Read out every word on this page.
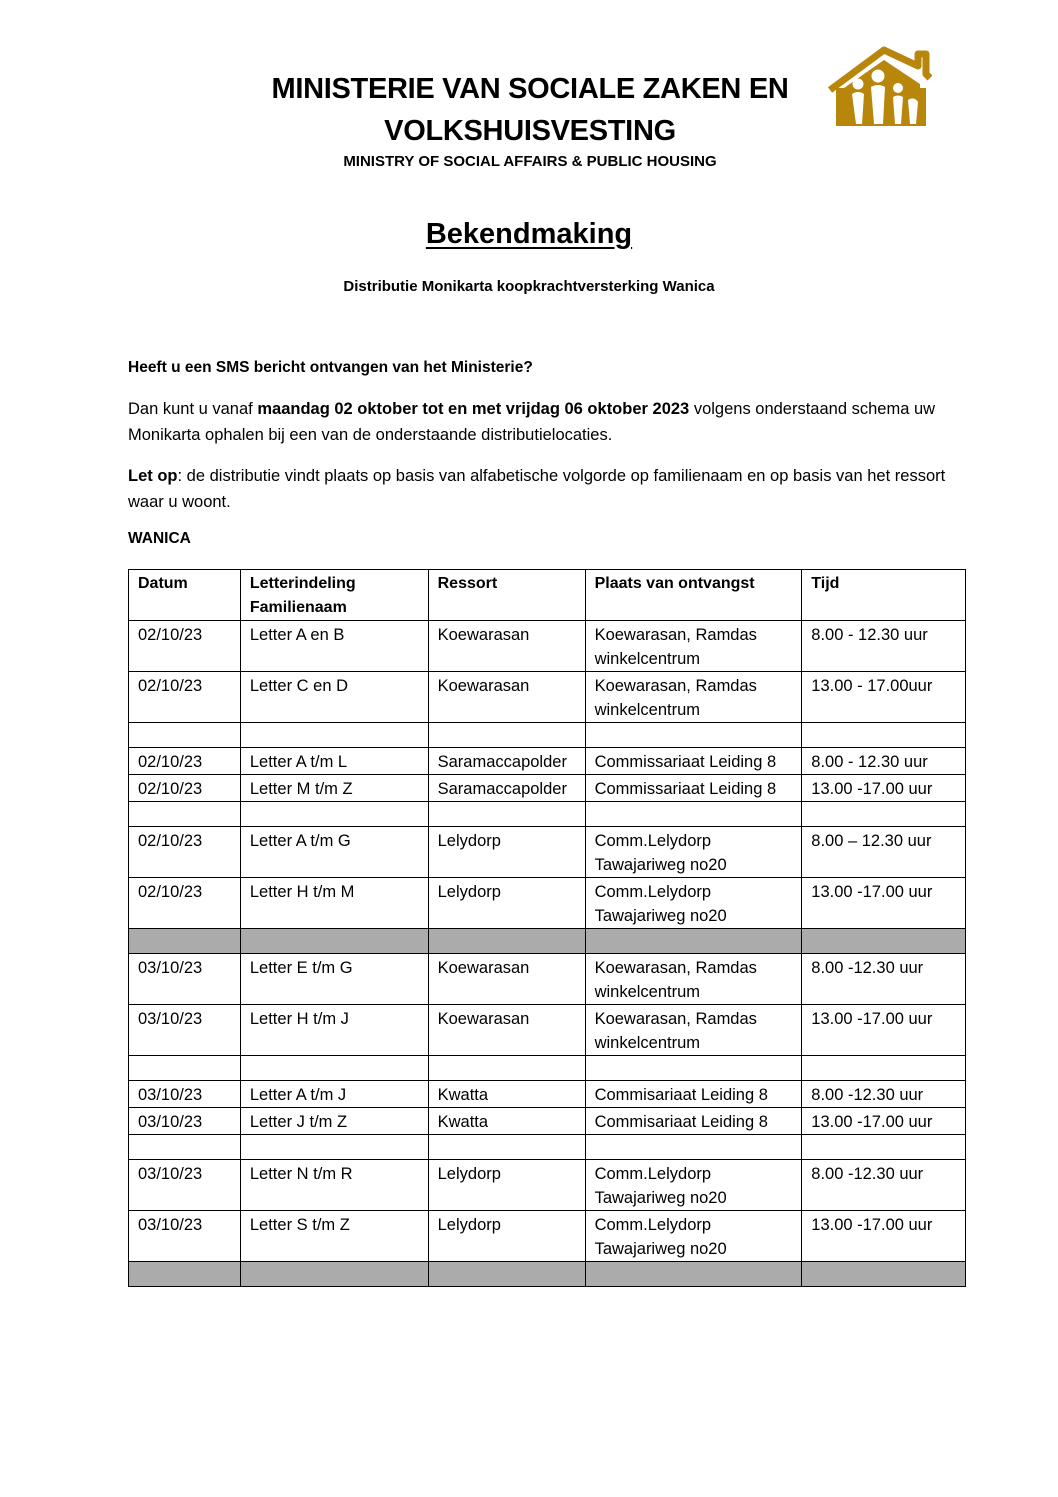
MINISTERIE VAN SOCIALE ZAKEN EN VOLKSHUISVESTING
MINISTRY OF SOCIAL AFFAIRS & PUBLIC HOUSING
Bekendmaking
Distributie Monikarta koopkrachtversterking Wanica
Heeft u een SMS bericht ontvangen van het Ministerie?
Dan kunt u vanaf maandag 02 oktober tot en met vrijdag 06 oktober 2023 volgens onderstaand schema uw Monikarta ophalen bij een van de onderstaande distributielocaties.
Let op: de distributie vindt plaats op basis van alfabetische volgorde op familienaam en op basis van het ressort waar u woont.
WANICA
Datum	Letterindeling Familienaam	Ressort	Plaats van ontvangst	Tijd
02/10/23	Letter A en B	Koewarasan	Koewarasan, Ramdas winkelcentrum	8.00 - 12.30 uur
02/10/23	Letter C en D	Koewarasan	Koewarasan, Ramdas winkelcentrum	13.00 - 17.00uur

02/10/23	Letter A t/m L	Saramaccapolder	Commissariaat Leiding 8	8.00 - 12.30 uur
02/10/23	Letter M t/m Z	Saramaccapolder	Commissariaat Leiding 8	13.00 -17.00 uur

02/10/23	Letter A t/m G	Lelydorp	Comm.Lelydorp Tawajariweg no20	8.00 – 12.30 uur
02/10/23	Letter H t/m M	Lelydorp	Comm.Lelydorp Tawajariweg no20	13.00 -17.00 uur

03/10/23	Letter E t/m G	Koewarasan	Koewarasan, Ramdas winkelcentrum	8.00 -12.30 uur
03/10/23	Letter H t/m J	Koewarasan	Koewarasan, Ramdas winkelcentrum	13.00 -17.00 uur

03/10/23	Letter A t/m J	Kwatta	Commisariaat Leiding 8	8.00 -12.30 uur
03/10/23	Letter J t/m Z	Kwatta	Commisariaat Leiding 8	13.00 -17.00 uur

03/10/23	Letter N t/m R	Lelydorp	Comm.Lelydorp Tawajariweg no20	8.00 -12.30 uur
03/10/23	Letter S t/m Z	Lelydorp	Comm.Lelydorp Tawajariweg no20	13.00 -17.00 uur
